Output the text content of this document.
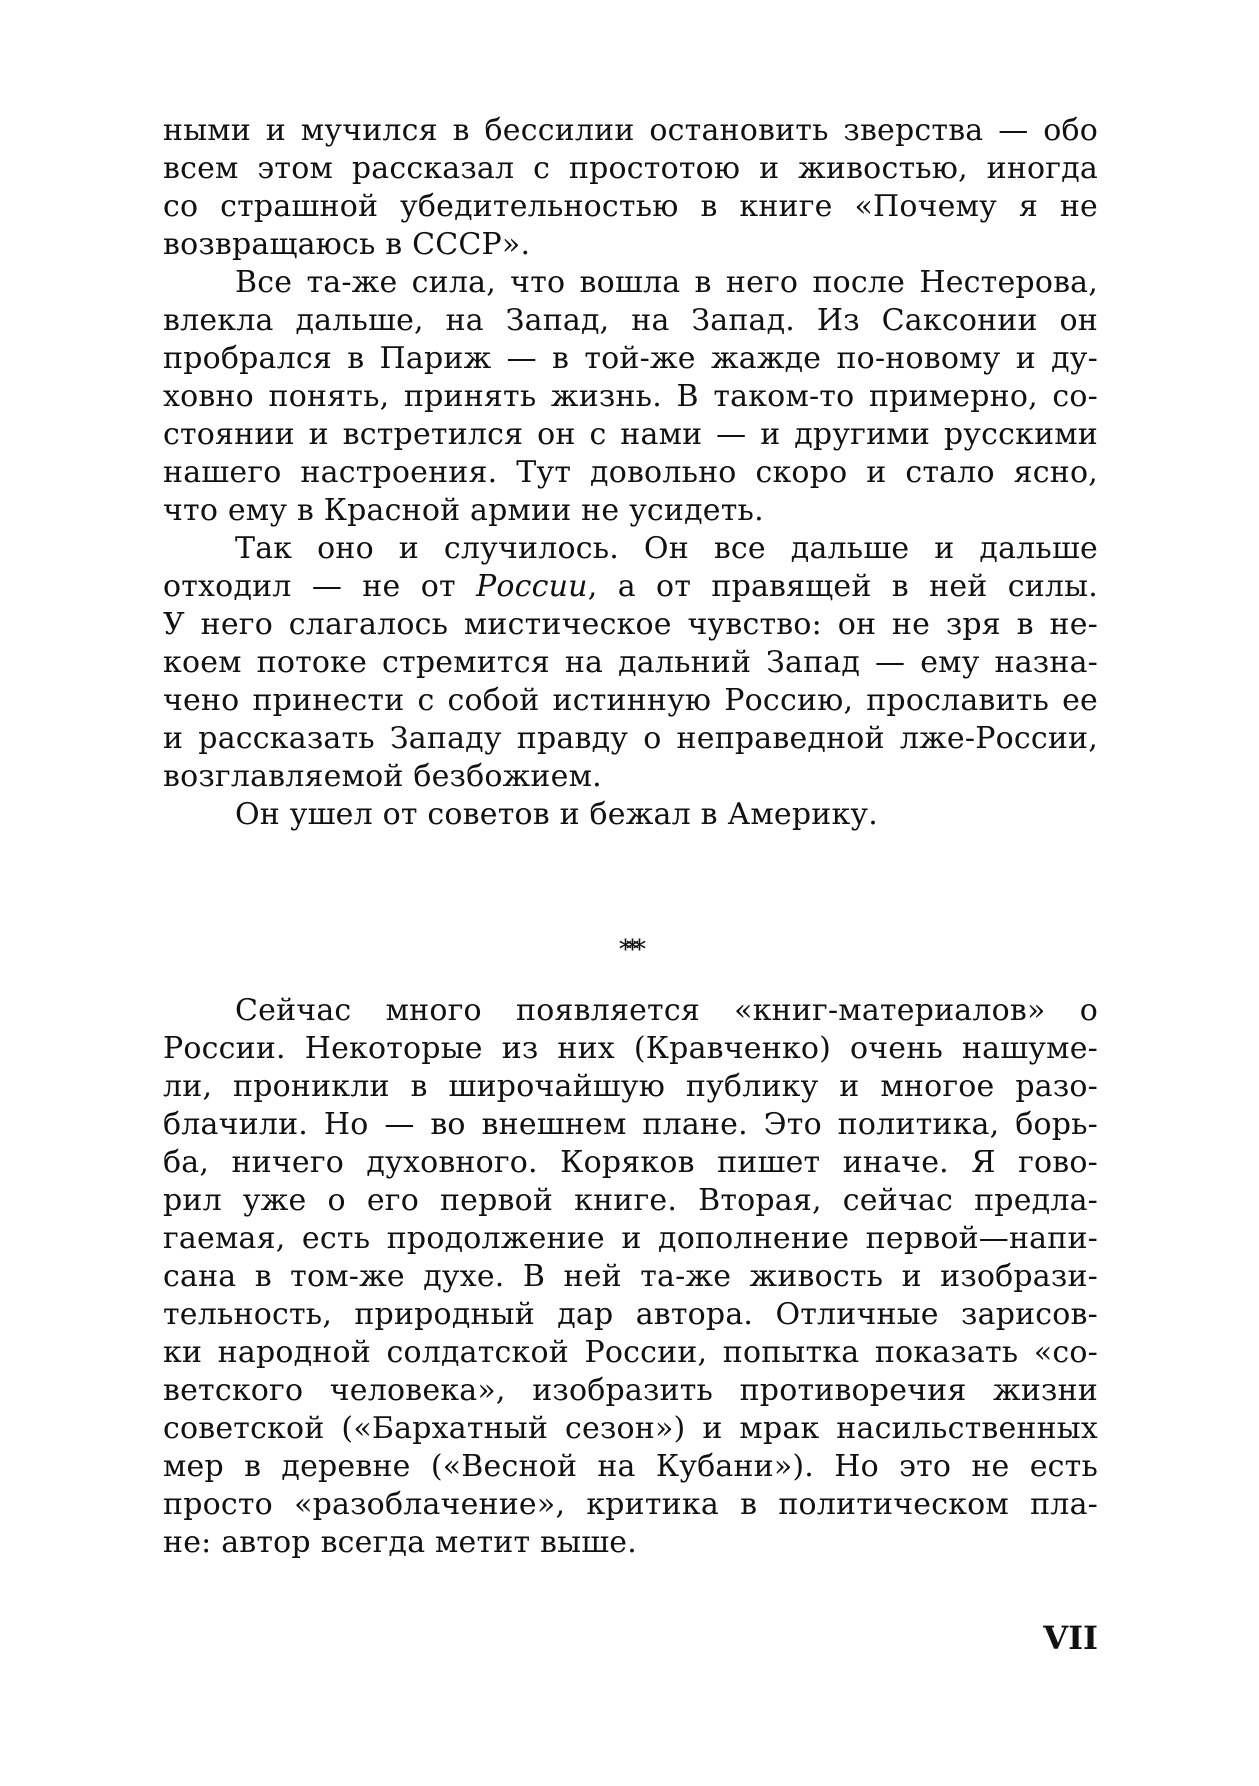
ными и мучился в бессилии остановить зверства — обо
всем этом рассказал с простотою и живостью, иногда
со страшной убедительностью в книге «Почему я не
возвращаюсь в СССР».
Все та-же сила, что вошла в него после Нестерова,
влекла дальше, на Запад, на Запад. Из Саксонии он
пробрался в Париж — в той-же жажде по-новому и ду-
ховно понять, принять жизнь. В таком-то примерно, со-
стоянии и встретился он с нами — и другими русскими
нашего настроения. Тут довольно скоро и стало ясно,
что ему в Красной армии не усидеть.
Так оно и случилось. Он все дальше и дальше
отходил — не от России, а от правящей в ней силы.
У него слагалось мистическое чувство: он не зря в не-
коем потоке стремится на дальний Запад — ему назна-
чено принести с собой истинную Россию, прославить ее
и рассказать Западу правду о неправедной лже-России,
возглавляемой безбожием.
Он ушел от советов и бежал в Америку.
***
Сейчас много появляется «книг-материалов» о
России. Некоторые из них (Кравченко) очень нашуме-
ли, проникли в широчайшую публику и многое разо-
блачили. Но — во внешнем плане. Это политика, борь-
ба, ничего духовного. Коряков пишет иначе. Я гово-
рил уже о его первой книге. Вторая, сейчас предла-
гаемая, есть продолжение и дополнение первой—напи-
сана в том-же духе. В ней та-же живость и изобрази-
тельность, природный дар автора. Отличные зарисов-
ки народной солдатской России, попытка показать «со-
ветского человека», изобразить противоречия жизни
советской («Бархатный сезон») и мрак насильственных
мер в деревне («Весной на Кубани»). Но это не есть
просто «разоблачение», критика в политическом пла-
не: автор всегда метит выше.
VII
